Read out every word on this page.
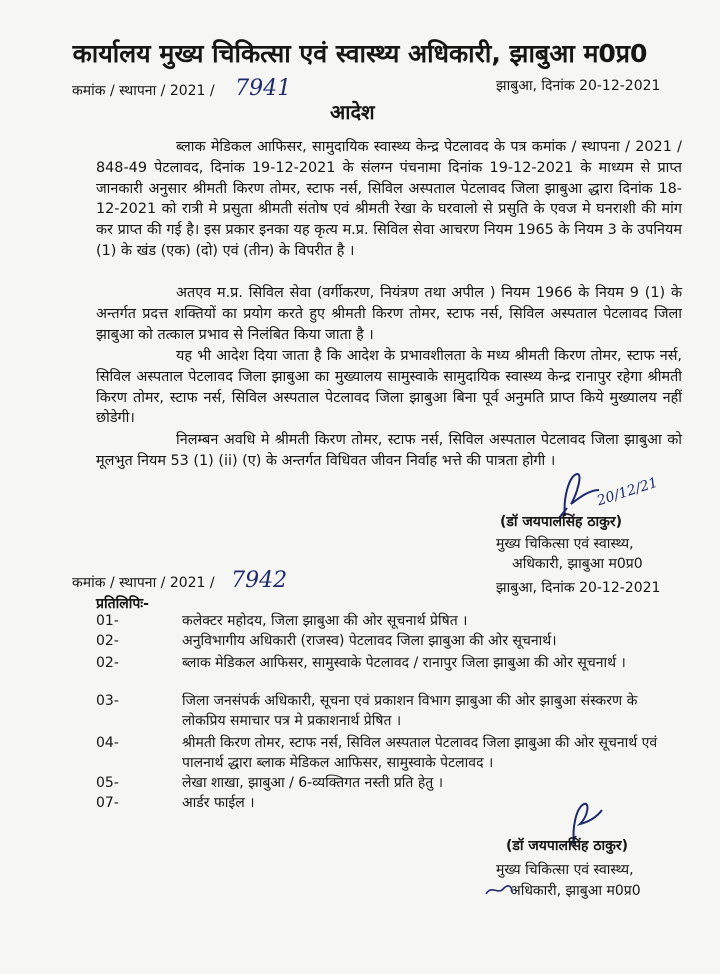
कार्यालय मुख्य चिकित्सा एवं स्वास्थ्य अधिकारी, झाबुआ म0प्र0
कमांक / स्थापना / 2021 / 7941	झाबुआ, दिनांक 20-12-2021
आदेश

ब्लाक मेडिकल आफिसर, सामुदायिक स्वास्थ्य केन्द्र पेटलावद के पत्र कमांक / स्थापना / 2021 / 848-49 पेटलावद, दिनांक 19-12-2021 के संलग्न पंचनामा दिनांक 19-12-2021 के माध्यम से प्राप्त जानकारी अनुसार श्रीमती किरण तोमर, स्टाफ नर्स, सिविल अस्पताल पेटलावद जिला झाबुआ द्धारा दिनांक 18-12-2021 को रात्री मे प्रसुता श्रीमती संतोष एवं श्रीमती रेखा के घरवालो से प्रसुति के एवज मे घनराशी की मांग कर प्राप्त की गई है। इस प्रकार इनका यह कृत्य म.प्र. सिविल सेवा आचरण नियम 1965 के नियम 3 के उपनियम (1) के खंड (एक) (दो) एवं (तीन) के विपरीत है ।

अतएव म.प्र. सिविल सेवा (वर्गीकरण, नियंत्रण तथा अपील ) नियम 1966 के नियम 9 (1) के अन्तर्गत प्रदत्त शक्तियों का प्रयोग करते हुए श्रीमती किरण तोमर, स्टाफ नर्स, सिविल अस्पताल पेटलावद जिला झाबुआ को तत्काल प्रभाव से निलंबित किया जाता है ।

यह भी आदेश दिया जाता है कि आदेश के प्रभावशीलता के मध्य श्रीमती किरण तोमर, स्टाफ नर्स, सिविल अस्पताल पेटलावद जिला झाबुआ का मुख्यालय सामुस्वाके सामुदायिक स्वास्थ्य केन्द्र रानापुर रहेगा श्रीमती किरण तोमर, स्टाफ नर्स, सिविल अस्पताल पेटलावद जिला झाबुआ बिना पूर्व अनुमति प्राप्त किये मुख्यालय नहीं छोडेगी।

निलम्बन अवधि मे श्रीमती किरण तोमर, स्टाफ नर्स, सिविल अस्पताल पेटलावद जिला झाबुआ को मूलभुत नियम 53 (1) (ii) (ए) के अन्तर्गत विधिवत जीवन निर्वाह भत्ते की पात्रता होगी ।

20/12/21
(डॉ जयपालसिंह ठाकुर)
मुख्य चिकित्सा एवं स्वास्थ्य,
अधिकारी, झाबुआ म0प्र0
कमांक / स्थापना / 2021 / 7942	झाबुआ, दिनांक 20-12-2021
प्रतिलिपिः-
01-	कलेक्टर महोदय, जिला झाबुआ की ओर सूचनार्थ प्रेषित ।
02-	अनुविभागीय अधिकारी (राजस्व) पेटलावद जिला झाबुआ की ओर सूचनार्थ।
02-	ब्लाक मेडिकल आफिसर, सामुस्वाके पेटलावद / रानापुर जिला झाबुआ की ओर सूचनार्थ ।
03-	जिला जनसंपर्क अधिकारी, सूचना एवं प्रकाशन विभाग झाबुआ की ओर झाबुआ संस्करण के लोकप्रिय समाचार पत्र मे प्रकाशनार्थ प्रेषित ।
04-	श्रीमती किरण तोमर, स्टाफ नर्स, सिविल अस्पताल पेटलावद जिला झाबुआ की ओर सूचनार्थ एवं पालनार्थ द्धारा ब्लाक मेडिकल आफिसर, सामुस्वाके पेटलावद ।
05-	लेखा शाखा, झाबुआ / 6-व्यक्तिगत नस्ती प्रति हेतु ।
07-	आर्डर फाईल ।
(डॉ जयपालसिंह ठाकुर)
मुख्य चिकित्सा एवं स्वास्थ्य,
अधिकारी, झाबुआ म0प्र0
